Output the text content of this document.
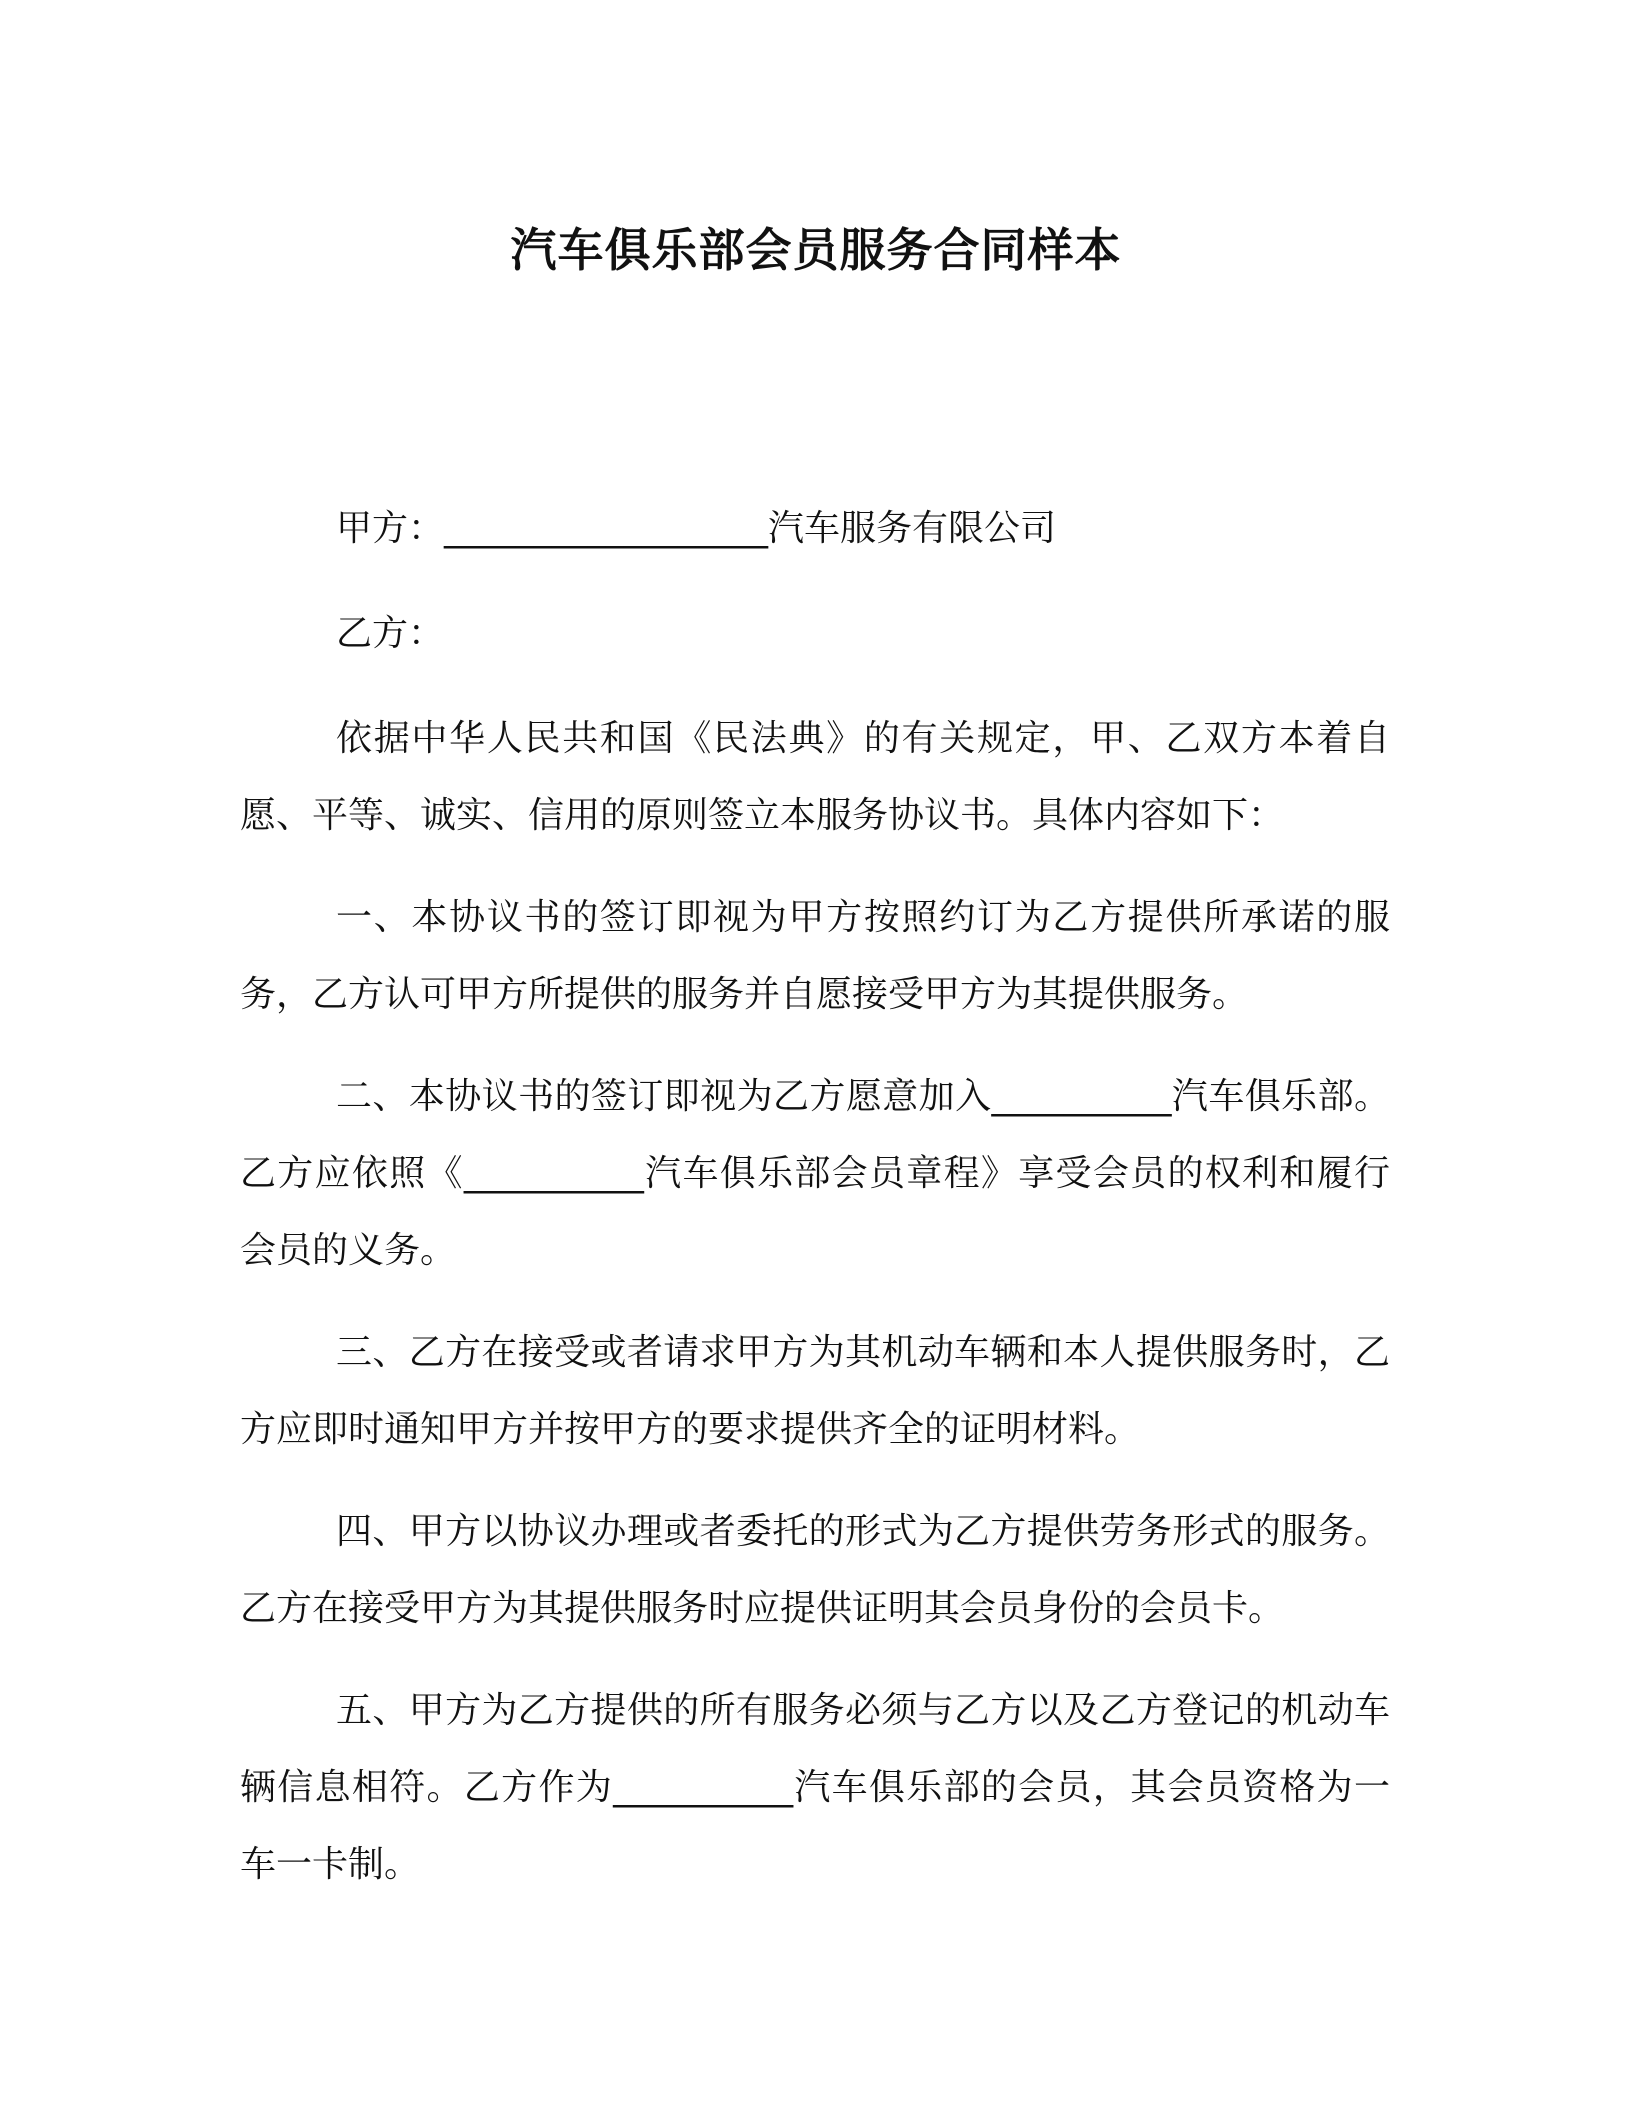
汽车俱乐部会员服务合同样本

甲方：__________________汽车服务有限公司

乙方：

依据中华人民共和国《民法典》的有关规定，甲、乙双方本着自愿、平等、诚实、信用的原则签立本服务协议书。具体内容如下：

一、本协议书的签订即视为甲方按照约订为乙方提供所承诺的服务，乙方认可甲方所提供的服务并自愿接受甲方为其提供服务。

二、本协议书的签订即视为乙方愿意加入__________汽车俱乐部。乙方应依照《__________汽车俱乐部会员章程》享受会员的权利和履行会员的义务。

三、乙方在接受或者请求甲方为其机动车辆和本人提供服务时，乙方应即时通知甲方并按甲方的要求提供齐全的证明材料。

四、甲方以协议办理或者委托的形式为乙方提供劳务形式的服务。乙方在接受甲方为其提供服务时应提供证明其会员身份的会员卡。

五、甲方为乙方提供的所有服务必须与乙方以及乙方登记的机动车辆信息相符。乙方作为__________汽车俱乐部的会员，其会员资格为一车一卡制。
